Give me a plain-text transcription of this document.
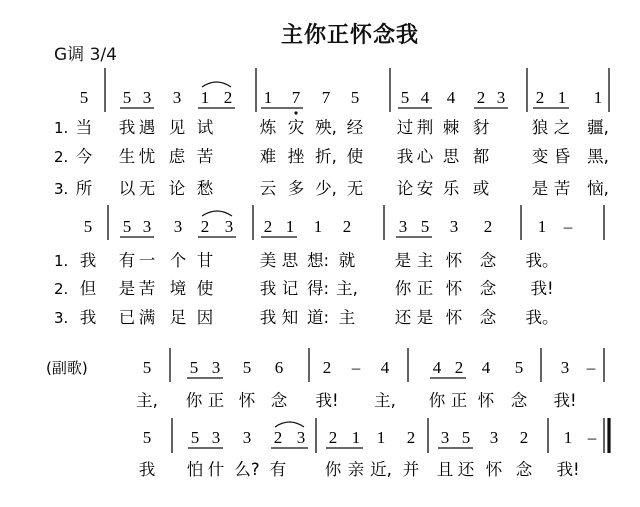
主你正怀念我
G调 3/4
5 5 3 3 1 2 1 7 7 5 5 4 4 2 3 2 1 1
当 我 遇 见 试	炼 灾 殃, 经 过 荆 棘 豺	狼 之 疆,
今 生 忧 虑 苦	难 挫 折, 使 我 心 思 都	变 昏 黑,
所 以 无 论 愁	云 多 少, 无 论 安 乐 或	是 苦 恼,
5 5 3 3 2 3 2 1 1 2	3 5 3 2	1 –
我 有 一 个 甘	美 思 想: 就 是 主 怀 念 我。
但 是 苦 境 使	我 记 得: 主, 你 正 怀 念 我!
我 已 满 足 因	我 知 道: 主 还 是 怀 念 我。
5 5 3 5 6 2 – 4	4 2 4 5 3 –
主, 你 正 怀 念 我! 主, 你 正 怀 念 我!
5 5 3 3 2 3 2 1 1 2 3 5 3 2 1 –
我 怕 什 么? 有 你 亲 近, 并 且 还 怀 念 我!
1.
2.
3.
1.
2.
3.
(副歌)
